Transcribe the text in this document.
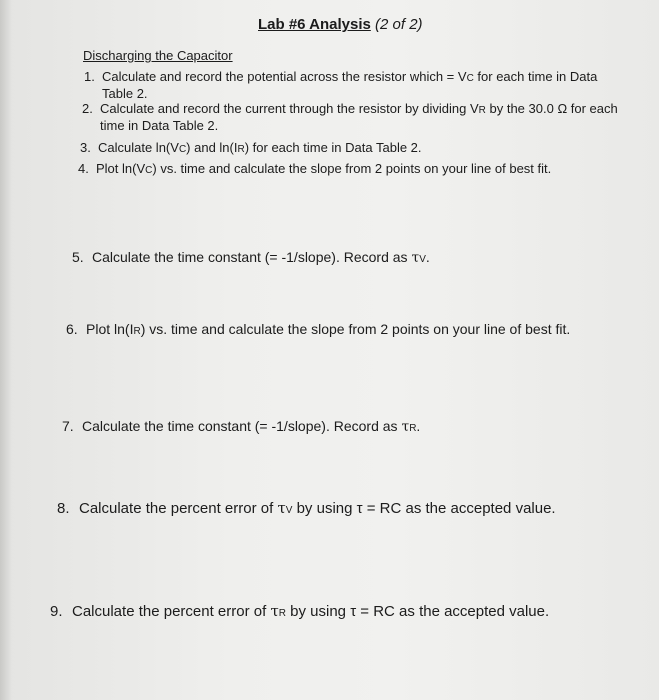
Lab #6 Analysis (2 of 2)
Discharging the Capacitor
1. Calculate and record the potential across the resistor which = VC for each time in Data Table 2.
2. Calculate and record the current through the resistor by dividing VR by the 30.0 Ω for each time in Data Table 2.
3. Calculate ln(VC) and ln(IR) for each time in Data Table 2.
4. Plot ln(VC) vs. time and calculate the slope from 2 points on your line of best fit.
5. Calculate the time constant (= -1/slope). Record as τV.
6. Plot ln(IR) vs. time and calculate the slope from 2 points on your line of best fit.
7. Calculate the time constant (= -1/slope). Record as τR.
8. Calculate the percent error of τV by using τ = RC as the accepted value.
9. Calculate the percent error of τR by using τ = RC as the accepted value.
